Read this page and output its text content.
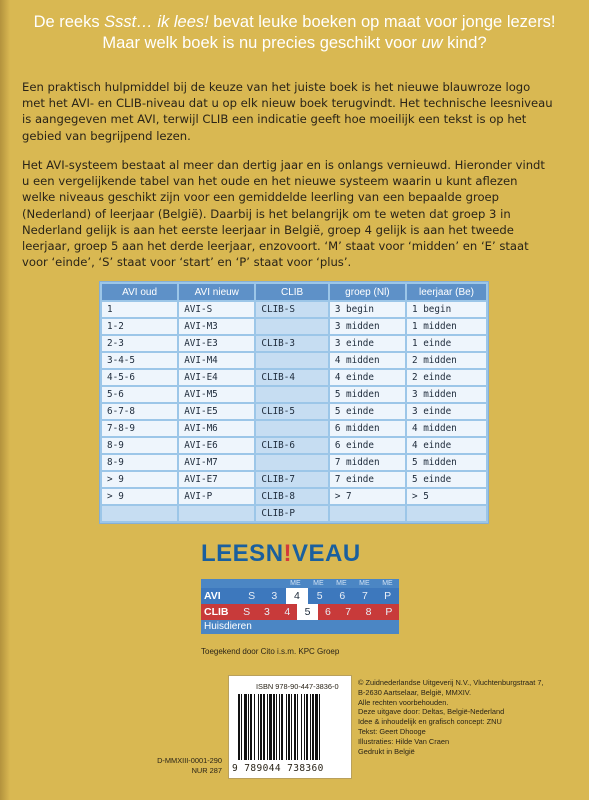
De reeks Ssst… ik lees! bevat leuke boeken op maat voor jonge lezers!
Maar welk boek is nu precies geschikt voor uw kind?

Een praktisch hulpmiddel bij de keuze van het juiste boek is het nieuwe blauwroze logo met het AVI- en CLIB-niveau dat u op elk nieuw boek terugvindt. Het technische leesniveau is aangegeven met AVI, terwijl CLIB een indicatie geeft hoe moeilijk een tekst is op het gebied van begrijpend lezen.

Het AVI-systeem bestaat al meer dan dertig jaar en is onlangs vernieuwd. Hieronder vindt u een vergelijkende tabel van het oude en het nieuwe systeem waarin u kunt aflezen welke niveaus geschikt zijn voor een gemiddelde leerling van een bepaalde groep (Nederland) of leerjaar (België). Daarbij is het belangrijk om te weten dat groep 3 in Nederland gelijk is aan het eerste leerjaar in België, groep 4 gelijk is aan het tweede leerjaar, groep 5 aan het derde leerjaar, enzovoort. ‘M’ staat voor ‘midden’ en ‘E’ staat voor ‘einde’, ‘S’ staat voor ‘start’ en ‘P’ staat voor ‘plus’.

AVI oud	AVI nieuw	CLIB	groep (Nl)	leerjaar (Be)
1	AVI-S	CLIB-S	3 begin	1 begin
1-2	AVI-M3		3 midden	1 midden
2-3	AVI-E3	CLIB-3	3 einde	1 einde
3-4-5	AVI-M4		4 midden	2 midden
4-5-6	AVI-E4	CLIB-4	4 einde	2 einde
5-6	AVI-M5		5 midden	3 midden
6-7-8	AVI-E5	CLIB-5	5 einde	3 einde
7-8-9	AVI-M6		6 midden	4 midden
8-9	AVI-E6	CLIB-6	6 einde	4 einde
8-9	AVI-M7		7 midden	5 midden
> 9	AVI-E7	CLIB-7	7 einde	5 einde
> 9	AVI-P	CLIB-8	> 7	> 5
		CLIB-P		
LEESN!VEAU
ME	ME	ME	ME	ME
AVI	S	3	4	5	6	7	P
CLIB	S	3	4	5	6	7	8	P
Huisdieren
Toegekend door Cito i.s.m. KPC Groep
ISBN 978-90-447-3836-0
9 789044 738360
D-MMXIII-0001-290
NUR 287
© Zuidnederlandse Uitgeverij N.V., Vluchtenburgstraat 7,
B-2630 Aartselaar, België, MMXIV.
Alle rechten voorbehouden.
Deze uitgave door: Deltas, België-Nederland
Idee & inhoudelijk en grafisch concept: ZNU
Tekst: Geert Dhooge
Illustraties: Hilde Van Craen
Gedrukt in België
